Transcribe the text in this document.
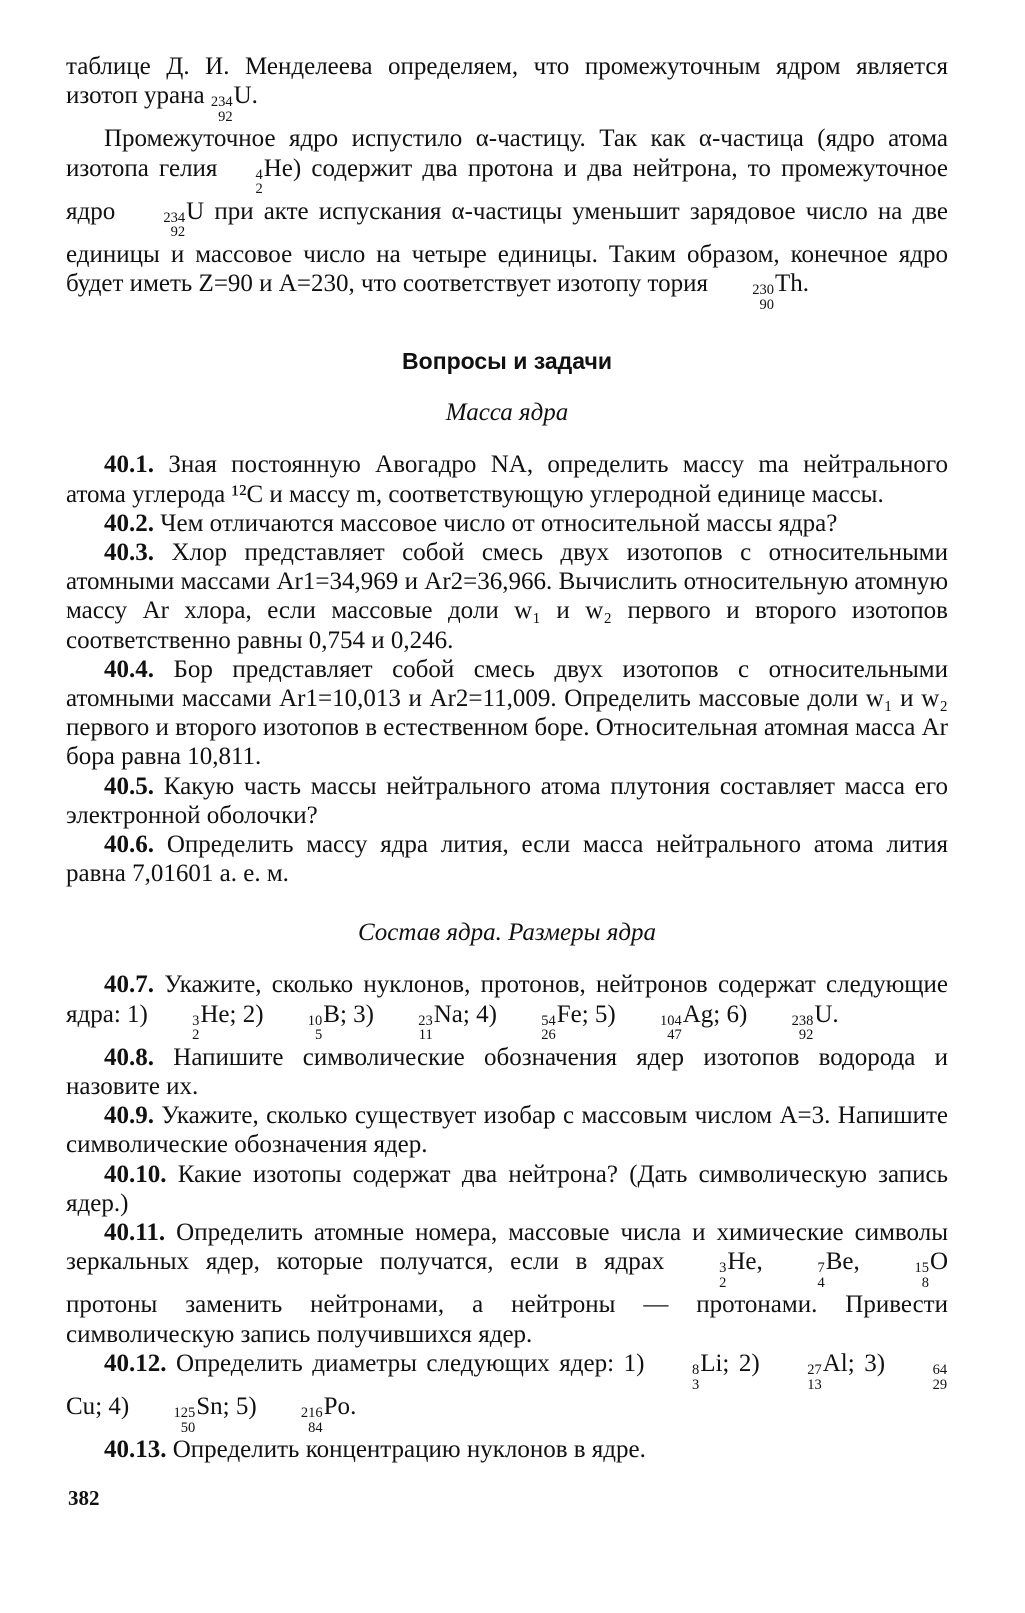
таблице Д. И. Менделеева определяем, что промежуточным ядром является изотоп урана 234
92
U.

Промежуточное ядро испустило α-частицу. Так как α-частица (ядро атома изотопа гелия	4
2
He) содержит два протона и два нейтрона, то промежуточное ядро	234
92
U при акте испускания α-частицы уменьшит зарядовое число на две единицы и массовое число на четыре единицы. Таким образом, конечное ядро будет иметь Z=90 и A=230, что соответствует изотопу тория	230
90
Th.

Вопросы и задачи
Масса ядра

40.1. Зная постоянную Авогадро NA, определить массу ma нейтрального атома углерода ¹²C и массу m, соответствующую углеродной единице массы.

40.2. Чем отличаются массовое число от относительной массы ядра?

40.3. Хлор представляет собой смесь двух изотопов с относительными атомными массами Ar1=34,969 и Ar2=36,966. Вычислить относительную атомную массу Ar хлора, если массовые доли w₁ и w₂ первого и второго изотопов соответственно равны 0,754 и 0,246.

40.4. Бор представляет собой смесь двух изотопов с относительными атомными массами Ar1=10,013 и Ar2=11,009. Определить массовые доли w₁ и w₂ первого и второго изотопов в естественном боре. Относительная атомная масса Ar бора равна 10,811.

40.5. Какую часть массы нейтрального атома плутония составляет масса его электронной оболочки?

40.6. Определить массу ядра лития, если масса нейтрального атома лития равна 7,01601 а. е. м.

Состав ядра. Размеры ядра

40.7. Укажите, сколько нуклонов, протонов, нейтронов содержат следующие ядра: 1)	3
2
He; 2)	10
5
B; 3)	23
11
Na; 4)	54
26
Fe; 5)	104
47
Ag; 6)	238
92
U.

40.8. Напишите символические обозначения ядер изотопов водорода и назовите их.

40.9. Укажите, сколько существует изобар с массовым числом A=3. Напишите символические обозначения ядер.

40.10. Какие изотопы содержат два нейтрона? (Дать символическую запись ядер.)

40.11. Определить атомные номера, массовые числа и химические символы зеркальных ядер, которые получатся, если в ядрах	3
2
He,	7
4
Be,	15
8
O протоны заменить нейтронами, а нейтроны — протонами. Привести символическую запись получившихся ядер.

40.12. Определить диаметры следующих ядер: 1)	8
3
Li; 2)	27
13
Al; 3)	64
29
Cu; 4)	125
50
Sn; 5)	216
84
Po.

40.13. Определить концентрацию нуклонов в ядре.

382
